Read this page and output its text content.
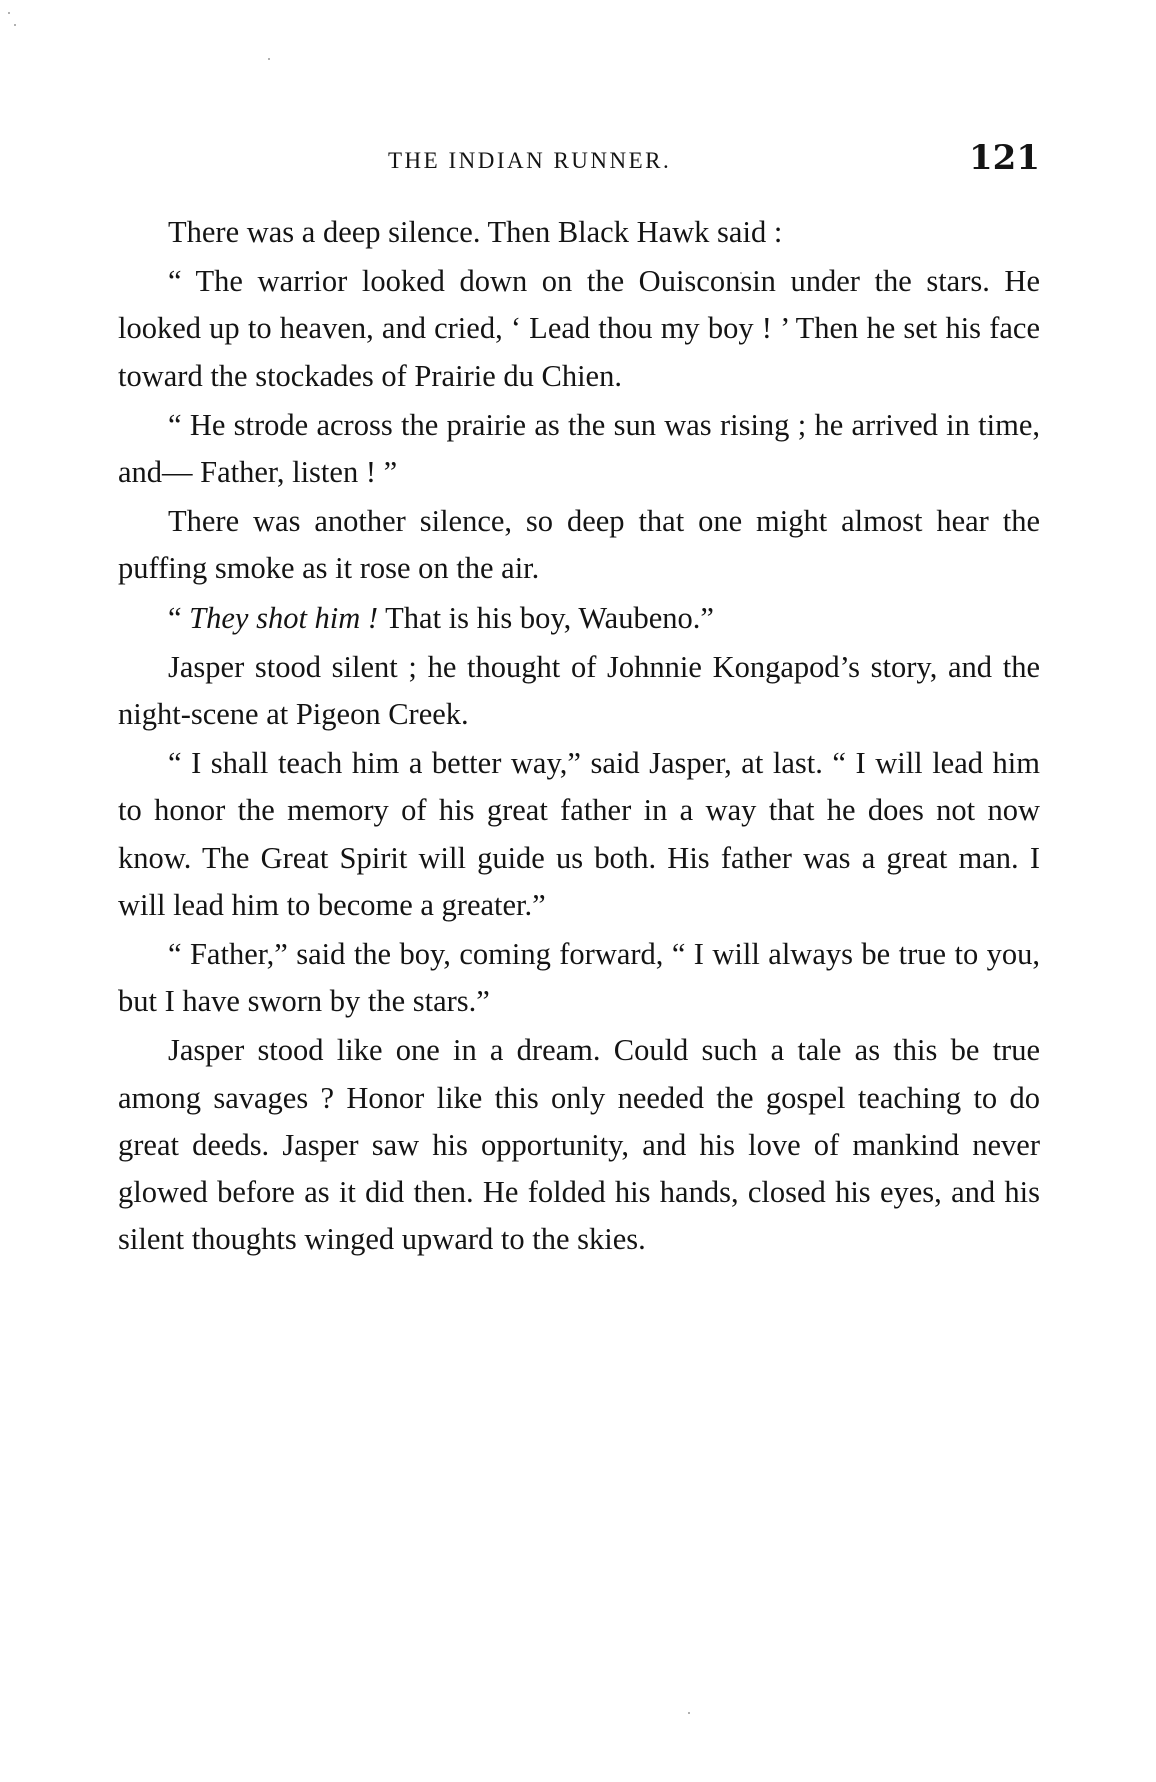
THE INDIAN RUNNER.	121

There was a deep silence. Then Black Hawk said :

“ The warrior looked down on the Ouisconsin under the stars. He looked up to heaven, and cried, ‘ Lead thou my boy ! ’ Then he set his face toward the stockades of Prairie du Chien.

“ He strode across the prairie as the sun was rising ; he arrived in time, and— Father, listen ! ”

There was another silence, so deep that one might almost hear the puffing smoke as it rose on the air.

“ They shot him ! That is his boy, Waubeno.”

Jasper stood silent ; he thought of Johnnie Kongapod’s story, and the night-scene at Pigeon Creek.

“ I shall teach him a better way,” said Jasper, at last. “ I will lead him to honor the memory of his great father in a way that he does not now know. The Great Spirit will guide us both. His father was a great man. I will lead him to become a greater.”

“ Father,” said the boy, coming forward, “ I will always be true to you, but I have sworn by the stars.”

Jasper stood like one in a dream. Could such a tale as this be true among savages ? Honor like this only needed the gospel teaching to do great deeds. Jasper saw his opportunity, and his love of mankind never glowed before as it did then. He folded his hands, closed his eyes, and his silent thoughts winged upward to the skies.
